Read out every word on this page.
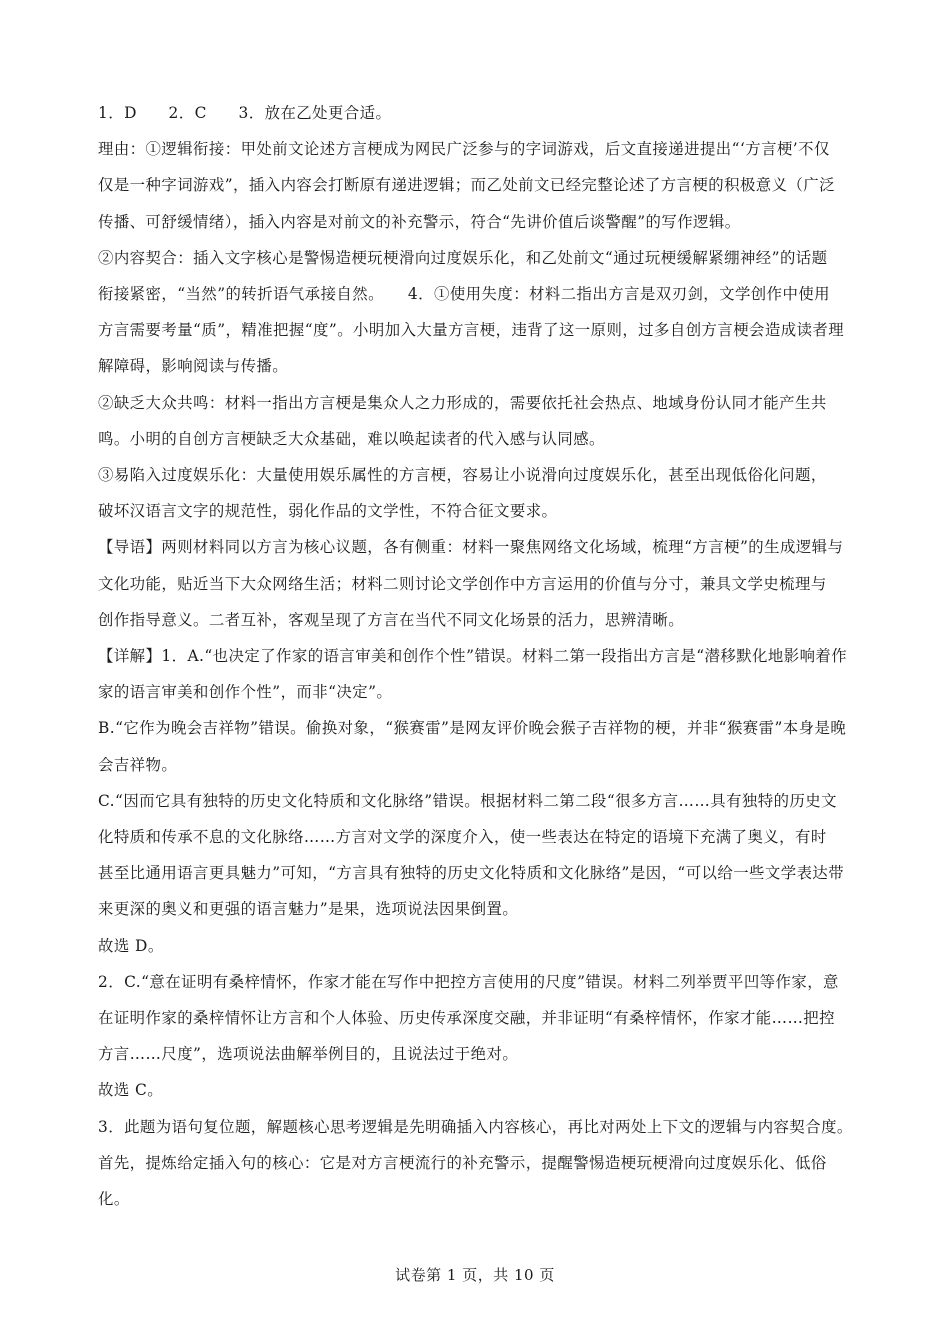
1．D　　2．C　　3．放在乙处更合适。

理由：①逻辑衔接：甲处前文论述方言梗成为网民广泛参与的字词游戏，后文直接递进提出“‘方言梗’不仅
仅是一种字词游戏”，插入内容会打断原有递进逻辑；而乙处前文已经完整论述了方言梗的积极意义（广泛
传播、可舒缓情绪），插入内容是对前文的补充警示，符合“先讲价值后谈警醒”的写作逻辑。

②内容契合：插入文字核心是警惕造梗玩梗滑向过度娱乐化，和乙处前文“通过玩梗缓解紧绷神经”的话题
衔接紧密，“当然”的转折语气承接自然。　　4．①使用失度：材料二指出方言是双刃剑，文学创作中使用
方言需要考量“质”，精准把握“度”。小明加入大量方言梗，违背了这一原则，过多自创方言梗会造成读者理
解障碍，影响阅读与传播。

②缺乏大众共鸣：材料一指出方言梗是集众人之力形成的，需要依托社会热点、地域身份认同才能产生共
鸣。小明的自创方言梗缺乏大众基础，难以唤起读者的代入感与认同感。

③易陷入过度娱乐化：大量使用娱乐属性的方言梗，容易让小说滑向过度娱乐化，甚至出现低俗化问题，
破坏汉语言文字的规范性，弱化作品的文学性，不符合征文要求。

【导语】两则材料同以方言为核心议题，各有侧重：材料一聚焦网络文化场域，梳理“方言梗”的生成逻辑与
文化功能，贴近当下大众网络生活；材料二则讨论文学创作中方言运用的价值与分寸，兼具文学史梳理与
创作指导意义。二者互补，客观呈现了方言在当代不同文化场景的活力，思辨清晰。

【详解】1．A.“也决定了作家的语言审美和创作个性”错误。材料二第一段指出方言是“潜移默化地影响着作
家的语言审美和创作个性”，而非“决定”。

B.“它作为晚会吉祥物”错误。偷换对象，“猴赛雷”是网友评价晚会猴子吉祥物的梗，并非“猴赛雷”本身是晚
会吉祥物。

C.“因而它具有独特的历史文化特质和文化脉络”错误。根据材料二第二段“很多方言……具有独特的历史文
化特质和传承不息的文化脉络……方言对文学的深度介入，使一些表达在特定的语境下充满了奥义，有时
甚至比通用语言更具魅力”可知，“方言具有独特的历史文化特质和文化脉络”是因，“可以给一些文学表达带
来更深的奥义和更强的语言魅力”是果，选项说法因果倒置。

故选 D。

2．C.“意在证明有桑梓情怀，作家才能在写作中把控方言使用的尺度”错误。材料二列举贾平凹等作家，意
在证明作家的桑梓情怀让方言和个人体验、历史传承深度交融，并非证明“有桑梓情怀，作家才能……把控
方言……尺度”，选项说法曲解举例目的，且说法过于绝对。

故选 C。

3．此题为语句复位题，解题核心思考逻辑是先明确插入内容核心，再比对两处上下文的逻辑与内容契合度。
首先，提炼给定插入句的核心：它是对方言梗流行的补充警示，提醒警惕造梗玩梗滑向过度娱乐化、低俗
化。

试卷第 1 页，共 10 页
